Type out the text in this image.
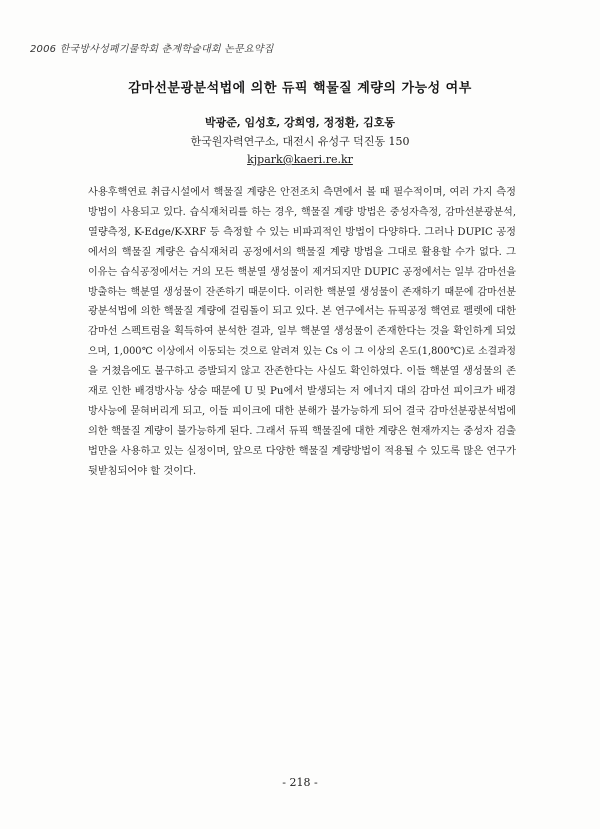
2006 한국방사성폐기물학회 춘계학술대회 논문요약집
감마선분광분석법에 의한 듀픽 핵물질 계량의 가능성 여부
박광준, 임성호, 강희영, 정정환, 김호동
한국원자력연구소, 대전시 유성구 덕진동 150
kjpark@kaeri.re.kr
사용후핵연료 취급시설에서 핵물질 계량은 안전조치 측면에서 볼 때 필수적이며, 여러 가지 측정
방법이 사용되고 있다. 습식재처리를 하는 경우, 핵물질 계량 방법은 중성자측정, 감마선분광분석,
열량측정, K-Edge/K-XRF 등 측정할 수 있는 비파괴적인 방법이 다양하다. 그러나 DUPIC 공정
에서의 핵물질 계량은 습식재처리 공정에서의 핵물질 계량 방법을 그대로 활용할 수가 없다. 그
이유는 습식공정에서는 거의 모든 핵분열 생성물이 제거되지만 DUPIC 공정에서는 일부 감마선을
방출하는 핵분열 생성물이 잔존하기 때문이다. 이러한 핵분열 생성물이 존재하기 때문에 감마선분
광분석법에 의한 핵물질 계량에 걸림돌이 되고 있다. 본 연구에서는 듀픽공정 핵연료 펠렛에 대한
감마선 스펙트럼을 획득하여 분석한 결과, 일부 핵분열 생성물이 존재한다는 것을 확인하게 되었
으며, 1,000℃ 이상에서 이동되는 것으로 알려져 있는 Cs 이 그 이상의 온도(1,800℃)로 소결과정
을 거쳤음에도 불구하고 증발되지 않고 잔존한다는 사실도 확인하였다. 이들 핵분열 생성물의 존
재로 인한 배경방사능 상승 때문에 U 및 Pu에서 발생되는 저 에너지 대의 감마선 피이크가 배경
방사능에 묻혀버리게 되고, 이들 피이크에 대한 분해가 불가능하게 되어 결국 감마선분광분석법에
의한 핵물질 계량이 불가능하게 된다. 그래서 듀픽 핵물질에 대한 계량은 현재까지는 중성자 검출
법만을 사용하고 있는 실정이며, 앞으로 다양한 핵물질 계량방법이 적용될 수 있도록 많은 연구가
뒷받침되어야 할 것이다.
- 218 -
